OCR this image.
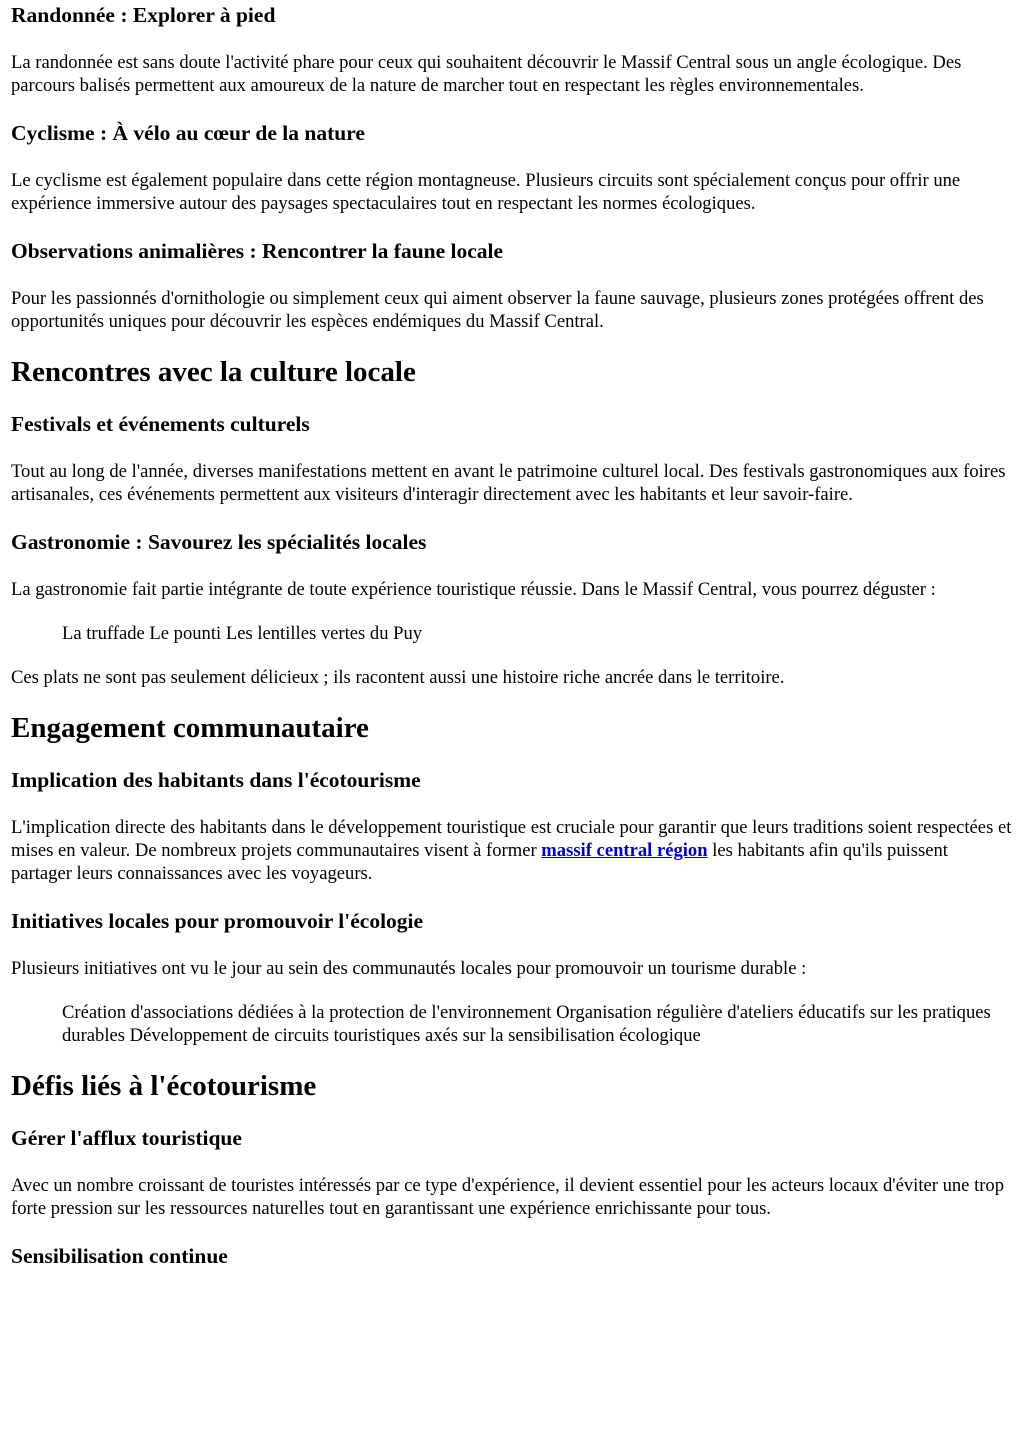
Randonnée : Explorer à pied

La randonnée est sans doute l'activité phare pour ceux qui souhaitent découvrir le Massif Central sous un angle écologique. Des parcours balisés permettent aux amoureux de la nature de marcher tout en respectant les règles environnementales.

Cyclisme : À vélo au cœur de la nature

Le cyclisme est également populaire dans cette région montagneuse. Plusieurs circuits sont spécialement conçus pour offrir une expérience immersive autour des paysages spectaculaires tout en respectant les normes écologiques.

Observations animalières : Rencontrer la faune locale

Pour les passionnés d'ornithologie ou simplement ceux qui aiment observer la faune sauvage, plusieurs zones protégées offrent des opportunités uniques pour découvrir les espèces endémiques du Massif Central.

Rencontres avec la culture locale
Festivals et événements culturels

Tout au long de l'année, diverses manifestations mettent en avant le patrimoine culturel local. Des festivals gastronomiques aux foires artisanales, ces événements permettent aux visiteurs d'interagir directement avec les habitants et leur savoir-faire.

Gastronomie : Savourez les spécialités locales

La gastronomie fait partie intégrante de toute expérience touristique réussie. Dans le Massif Central, vous pourrez déguster :

La truffade Le pounti Les lentilles vertes du Puy

Ces plats ne sont pas seulement délicieux ; ils racontent aussi une histoire riche ancrée dans le territoire.

Engagement communautaire
Implication des habitants dans l'écotourisme

L'implication directe des habitants dans le développement touristique est cruciale pour garantir que leurs traditions soient respectées et mises en valeur. De nombreux projets communautaires visent à former massif central région les habitants afin qu'ils puissent partager leurs connaissances avec les voyageurs.

Initiatives locales pour promouvoir l'écologie

Plusieurs initiatives ont vu le jour au sein des communautés locales pour promouvoir un tourisme durable :

Création d'associations dédiées à la protection de l'environnement Organisation régulière d'ateliers éducatifs sur les pratiques durables Développement de circuits touristiques axés sur la sensibilisation écologique
Défis liés à l'écotourisme
Gérer l'afflux touristique

Avec un nombre croissant de touristes intéressés par ce type d'expérience, il devient essentiel pour les acteurs locaux d'éviter une trop forte pression sur les ressources naturelles tout en garantissant une expérience enrichissante pour tous.

Sensibilisation continue
